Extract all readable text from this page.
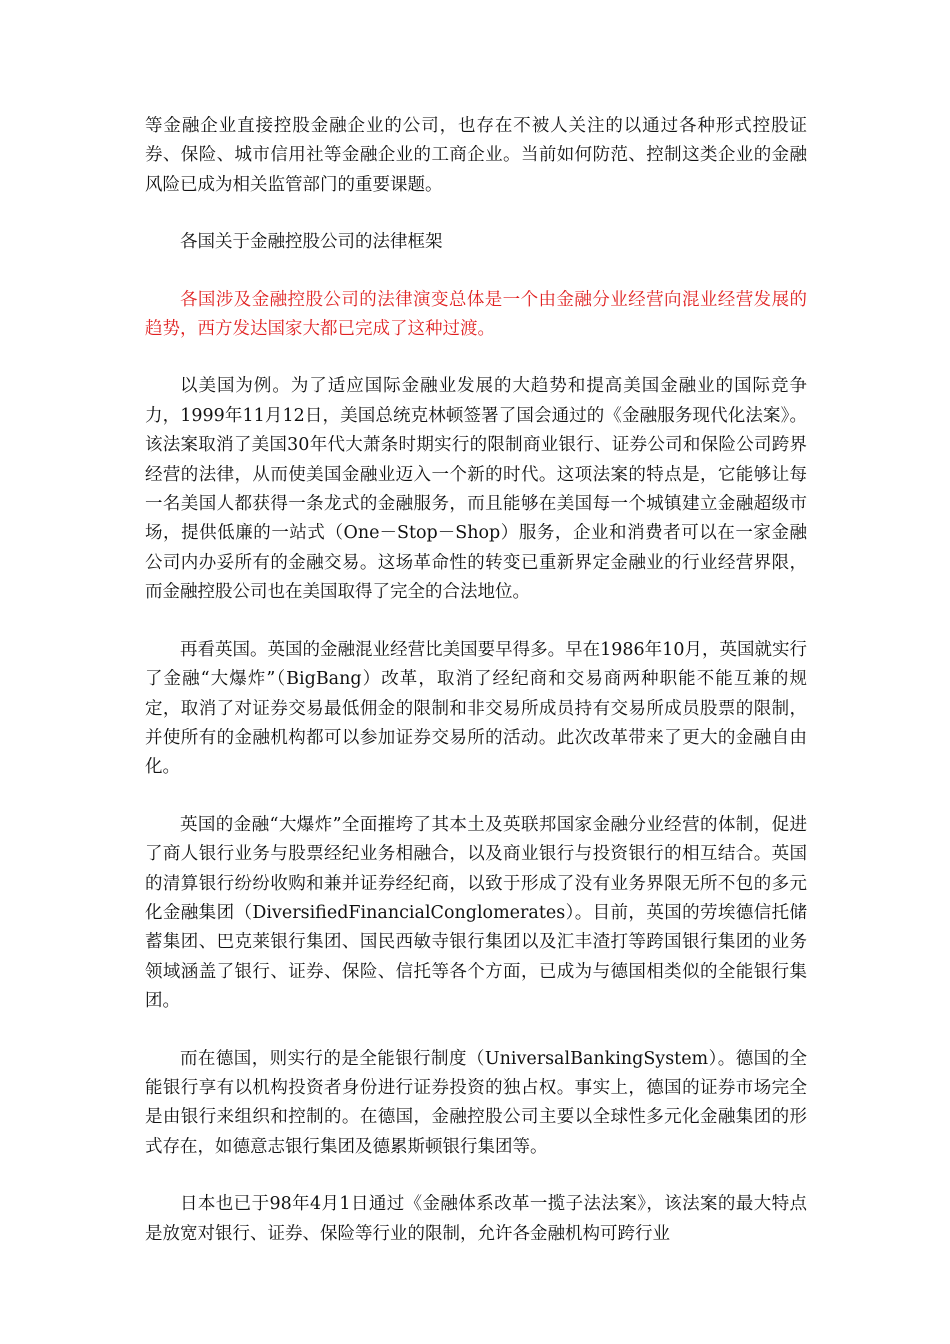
等金融企业直接控股金融企业的公司，也存在不被人关注的以通过各种形式控股证券、保险、城市信用社等金融企业的工商企业。当前如何防范、控制这类企业的金融风险已成为相关监管部门的重要课题。

各国关于金融控股公司的法律框架

各国涉及金融控股公司的法律演变总体是一个由金融分业经营向混业经营发展的趋势，西方发达国家大都已完成了这种过渡。

以美国为例。为了适应国际金融业发展的大趋势和提高美国金融业的国际竞争力，1999年11月12日，美国总统克林顿签署了国会通过的《金融服务现代化法案》。该法案取消了美国30年代大萧条时期实行的限制商业银行、证券公司和保险公司跨界经营的法律，从而使美国金融业迈入一个新的时代。这项法案的特点是，它能够让每一名美国人都获得一条龙式的金融服务，而且能够在美国每一个城镇建立金融超级市场，提供低廉的一站式（One－Stop－Shop）服务，企业和消费者可以在一家金融公司内办妥所有的金融交易。这场革命性的转变已重新界定金融业的行业经营界限，而金融控股公司也在美国取得了完全的合法地位。

再看英国。英国的金融混业经营比美国要早得多。早在1986年10月，英国就实行了金融“大爆炸”（BigBang）改革，取消了经纪商和交易商两种职能不能互兼的规定，取消了对证券交易最低佣金的限制和非交易所成员持有交易所成员股票的限制，并使所有的金融机构都可以参加证券交易所的活动。此次改革带来了更大的金融自由化。

英国的金融“大爆炸”全面摧垮了其本土及英联邦国家金融分业经营的体制，促进了商人银行业务与股票经纪业务相融合，以及商业银行与投资银行的相互结合。英国的清算银行纷纷收购和兼并证券经纪商，以致于形成了没有业务界限无所不包的多元化金融集团（DiversifiedFinancialConglomerates）。目前，英国的劳埃德信托储蓄集团、巴克莱银行集团、国民西敏寺银行集团以及汇丰渣打等跨国银行集团的业务领域涵盖了银行、证券、保险、信托等各个方面，已成为与德国相类似的全能银行集团。

而在德国，则实行的是全能银行制度（UniversalBankingSystem）。德国的全能银行享有以机构投资者身份进行证券投资的独占权。事实上，德国的证券市场完全是由银行来组织和控制的。在德国，金融控股公司主要以全球性多元化金融集团的形式存在，如德意志银行集团及德累斯顿银行集团等。

日本也已于98年4月1日通过《金融体系改革一揽子法法案》，该法案的最大特点是放宽对银行、证券、保险等行业的限制，允许各金融机构可跨行业
